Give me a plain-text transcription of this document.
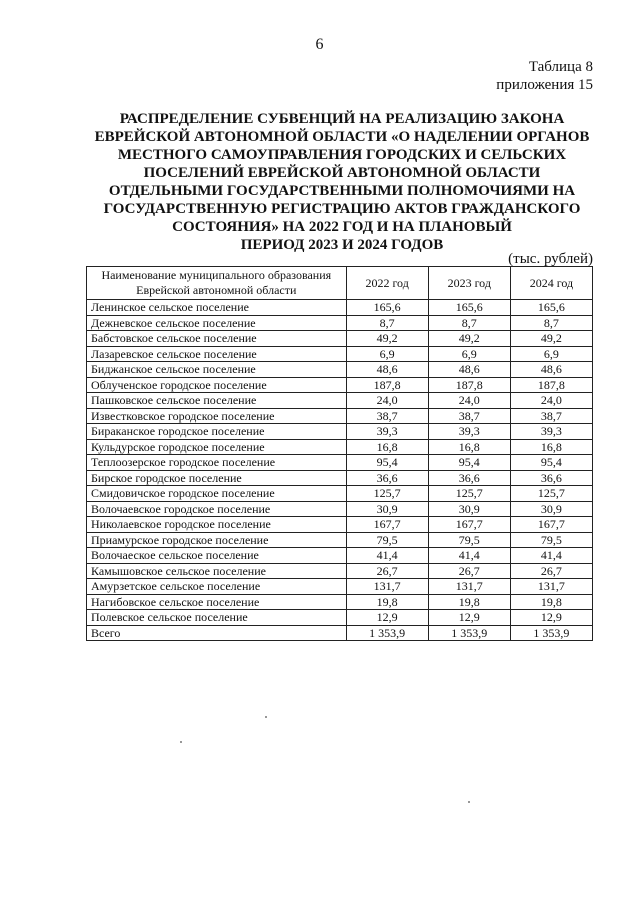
6
Таблица 8
приложения 15
РАСПРЕДЕЛЕНИЕ СУБВЕНЦИЙ НА РЕАЛИЗАЦИЮ ЗАКОНА
ЕВРЕЙСКОЙ АВТОНОМНОЙ ОБЛАСТИ «О НАДЕЛЕНИИ ОРГАНОВ
МЕСТНОГО САМОУПРАВЛЕНИЯ ГОРОДСКИХ И СЕЛЬСКИХ
ПОСЕЛЕНИЙ ЕВРЕЙСКОЙ АВТОНОМНОЙ ОБЛАСТИ
ОТДЕЛЬНЫМИ ГОСУДАРСТВЕННЫМИ ПОЛНОМОЧИЯМИ НА
ГОСУДАРСТВЕННУЮ РЕГИСТРАЦИЮ АКТОВ ГРАЖДАНСКОГО
СОСТОЯНИЯ» НА 2022 ГОД И НА ПЛАНОВЫЙ
ПЕРИОД 2023 И 2024 ГОДОВ
(тыс. рублей)
Наименование муниципального образования
Еврейской автономной области	2022 год	2023 год	2024 год
Ленинское сельское поселение	165,6	165,6	165,6
Дежневское сельское поселение	8,7	8,7	8,7
Бабстовское сельское поселение	49,2	49,2	49,2
Лазаревское сельское поселение	6,9	6,9	6,9
Биджанское сельское поселение	48,6	48,6	48,6
Облученское городское поселение	187,8	187,8	187,8
Пашковское сельское поселение	24,0	24,0	24,0
Известковское городское поселение	38,7	38,7	38,7
Бираканское городское поселение	39,3	39,3	39,3
Кульдурское городское поселение	16,8	16,8	16,8
Теплоозерское городское поселение	95,4	95,4	95,4
Бирское городское поселение	36,6	36,6	36,6
Смидовичское городское поселение	125,7	125,7	125,7
Волочаевское городское поселение	30,9	30,9	30,9
Николаевское городское поселение	167,7	167,7	167,7
Приамурское городское поселение	79,5	79,5	79,5
Волочаеское сельское поселение	41,4	41,4	41,4
Камышовское сельское поселение	26,7	26,7	26,7
Амурзетское сельское поселение	131,7	131,7	131,7
Нагибовское сельское поселение	19,8	19,8	19,8
Полевское сельское поселение	12,9	12,9	12,9
Всего	1 353,9	1 353,9	1 353,9
